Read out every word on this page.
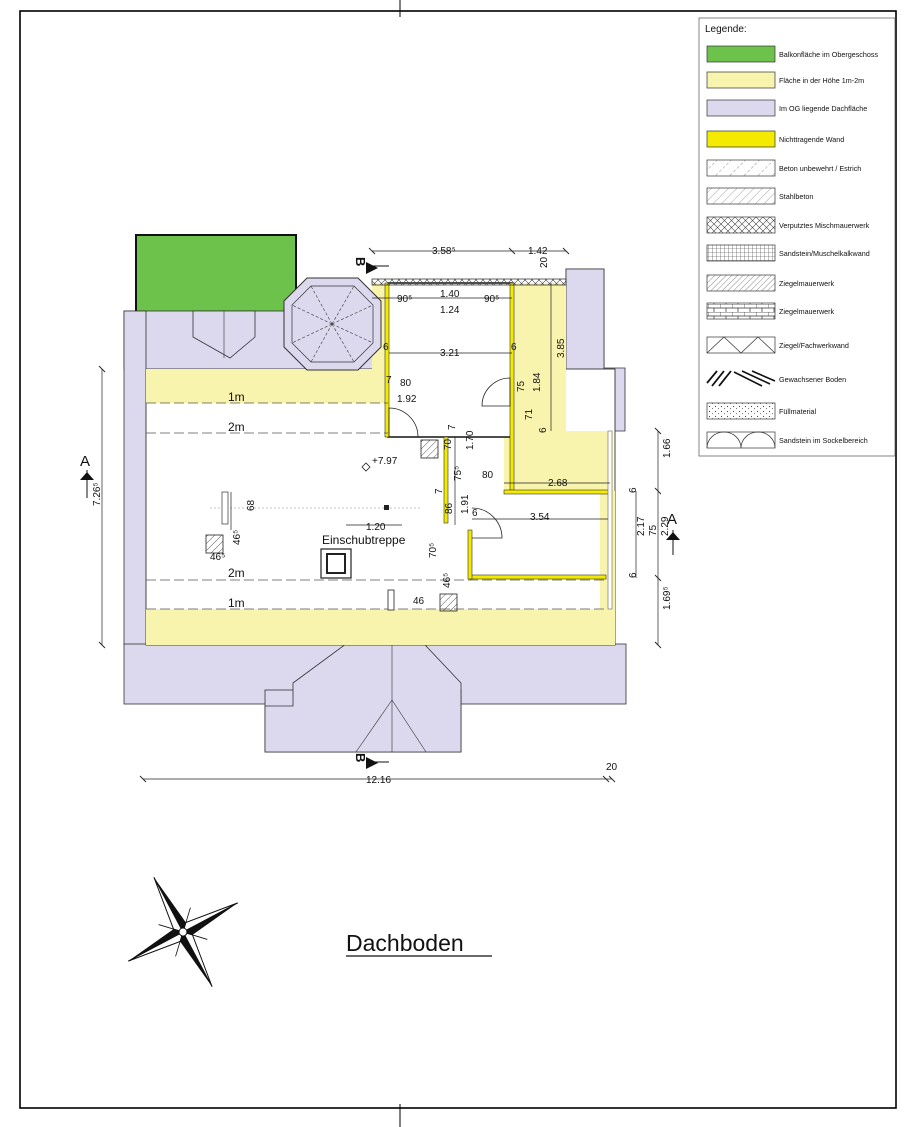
1m
2m
2m
1m
Einschubtreppe
+7.97
B
B
A
A
3.58⁵	1.42
20
90⁵	1.40
1.24
90⁵
3.21
6	6	3.85
7 80
1.92
75 1.84
71
6
7
70 1.70
75⁵ 80
2.68
1.66
6
7
86 1.91 6	3.54	2.17 75 2.29
6
1.69⁵
68
1.20
46⁵
46⁵	70⁵
46
46⁵
7.26⁵
12.16
20
Dachboden
Legende:
Balkonfläche im Obergeschoss
Fläche in der Höhe 1m-2m
Im OG liegende Dachfläche
Nichttragende Wand
Beton unbewehrt / Estrich
Stahlbeton
Verputztes Mischmauerwerk
Sandstein/Muschelkalkwand
Ziegelmauerwerk
Ziegelmauerwerk
Ziegel/Fachwerkwand
Gewachsener Boden
Füllmaterial
Sandstein im Sockelbereich
